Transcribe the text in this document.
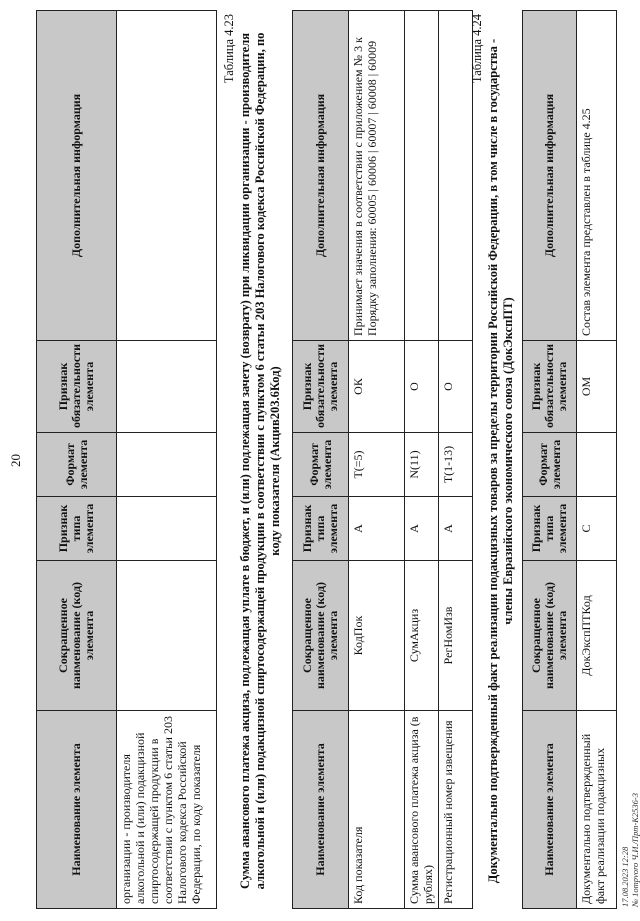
20
Наименование элемента	Сокращенное наименование (код) элемента	Признак типа элемента	Формат элемента	Признак обязательности элемента	Дополнительная информация
организации - производителя алкогольной и (или) подакцизной спиртосодержащей продукции в соответствии с пунктом 6 статьи 203 Налогового кодекса Российской Федерации, по коду показателя					
Таблица 4.23 Сумма авансового платежа акциза, подлежащая уплате в бюджет, и (или) подлежащая зачету (возврату) при ликвидации организации - производителя алкогольной и (или) подакцизной спиртосодержащей продукции в соответствии с пунктом 6 статьи 203 Налогового кодекса Российской Федерации, по коду показателя (Акцив203.6Код)
Наименование элемента	Сокращенное наименование (код) элемента	Признак типа элемента	Формат элемента	Признак обязательности элемента	Дополнительная информация
Код показателя	КодПок	А	T(=5)	ОК	Принимает значения в соответствии с приложением № 3 к Порядку заполнения: 60005 | 60006 | 60007 | 60008 | 60009
Сумма авансового платежа акциза (в рублях)	СумАкциз	А	N(11)	О	
Регистрационный номер извещения	РегНомИзв	А	T(1-13)	О	
Таблица 4.24 Документально подтвержденный факт реализации подакцизных товаров за пределы территории Российской Федерации, в том числе в государства - члены Евразийского экономического союза (ДокЭкспПТ)
Наименование элемента	Сокращенное наименование (код) элемента	Признак типа элемента	Формат элемента	Признак обязательности элемента	Дополнительная информация
Документально подтвержденный факт реализации подакцизных	ДокЭкспПТКод	С		ОМ	Состав элемента представлен в таблице 4.25
17.08.2023 12:28 № 1ompvoro Ч.И./Прт-К2536-3
